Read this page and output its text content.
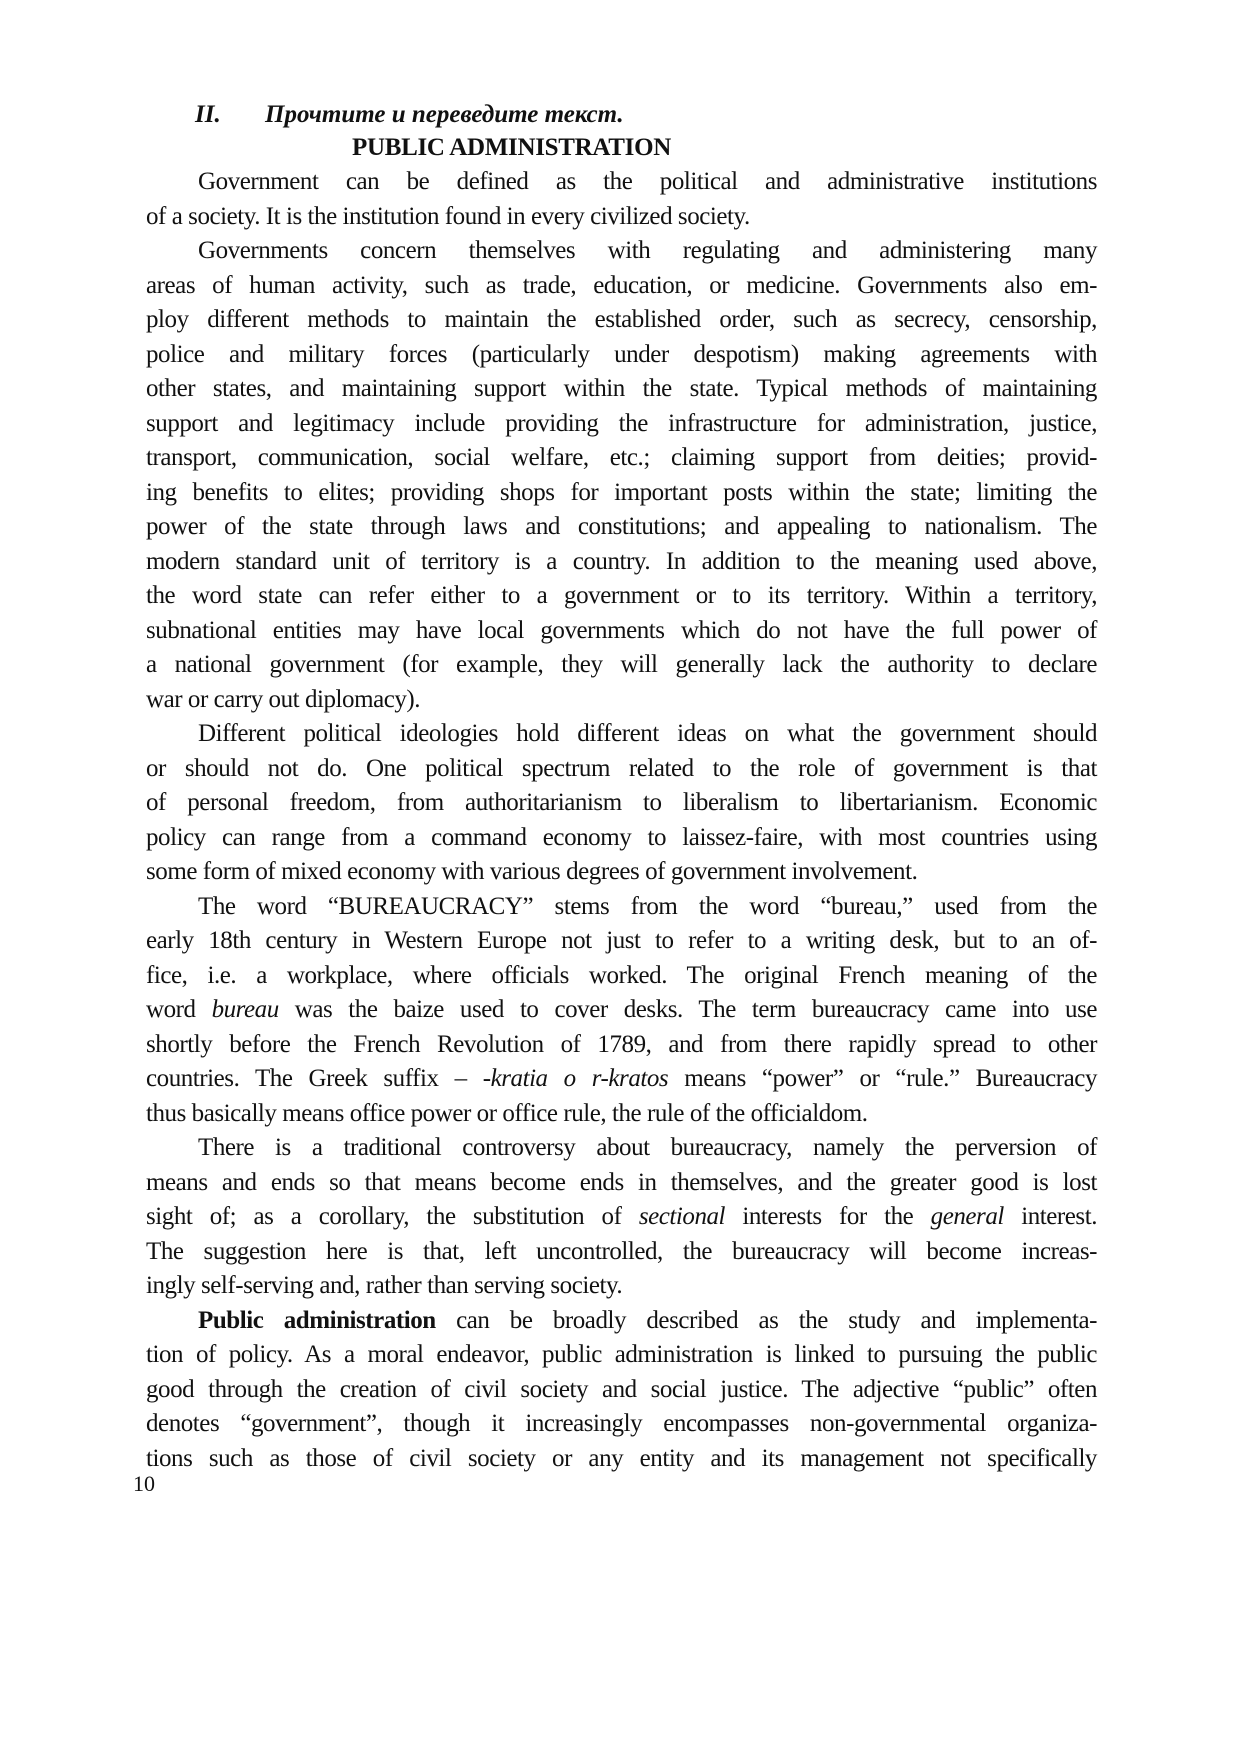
II. Прочтите и переведите текст.
PUBLIC ADMINISTRATION
Government can be defined as the political and administrative institutions
of a society. It is the institution found in every civilized society.
Governments concern themselves with regulating and administering many
areas of human activity, such as trade, education, or medicine. Governments also em-
ploy different methods to maintain the established order, such as secrecy, censorship,
police and military forces (particularly under despotism) making agreements with
other states, and maintaining support within the state. Typical methods of maintaining
support and legitimacy include providing the infrastructure for administration, justice,
transport, communication, social welfare, etc.; claiming support from deities; provid-
ing benefits to elites; providing shops for important posts within the state; limiting the
power of the state through laws and constitutions; and appealing to nationalism. The
modern standard unit of territory is a country. In addition to the meaning used above,
the word state can refer either to a government or to its territory. Within a territory,
subnational entities may have local governments which do not have the full power of
a national government (for example, they will generally lack the authority to declare
war or carry out diplomacy).
Different political ideologies hold different ideas on what the government should
or should not do. One political spectrum related to the role of government is that
of personal freedom, from authoritarianism to liberalism to libertarianism. Economic
policy can range from a command economy to laissez-faire, with most countries using
some form of mixed economy with various degrees of government involvement.
The word “BUREAUCRACY” stems from the word “bureau,” used from the
early 18th century in Western Europe not just to refer to a writing desk, but to an of-
fice, i.e. a workplace, where officials worked. The original French meaning of the
word bureau was the baize used to cover desks. The term bureaucracy came into use
shortly before the French Revolution of 1789, and from there rapidly spread to other
countries. The Greek suffix – -kratia o r-kratos means “power” or “rule.” Bureaucracy
thus basically means office power or office rule, the rule of the officialdom.
There is a traditional controversy about bureaucracy, namely the perversion of
means and ends so that means become ends in themselves, and the greater good is lost
sight of; as a corollary, the substitution of sectional interests for the general interest.
The suggestion here is that, left uncontrolled, the bureaucracy will become increas-
ingly self-serving and, rather than serving society.
Public administration can be broadly described as the study and implementa-
tion of policy. As a moral endeavor, public administration is linked to pursuing the public
good through the creation of civil society and social justice. The adjective “public” often
denotes “government”, though it increasingly encompasses non-governmental organiza-
tions such as those of civil society or any entity and its management not specifically
10
